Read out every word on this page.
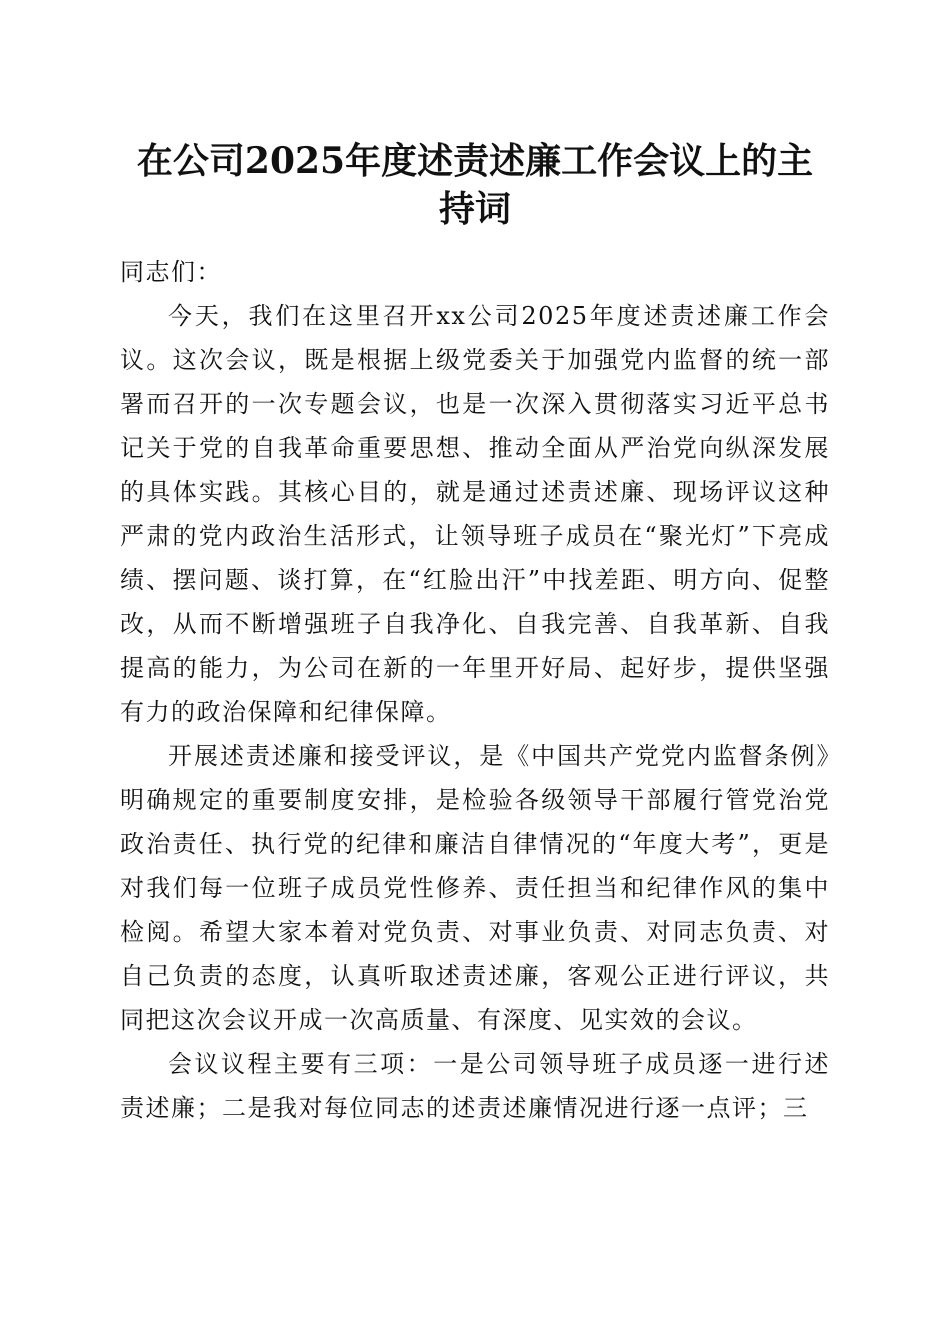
在公司2025年度述责述廉工作会议上的主持词

同志们：

今天，我们在这里召开xx公司2025年度述责述廉工作会议。这次会议，既是根据上级党委关于加强党内监督的统一部署而召开的一次专题会议，也是一次深入贯彻落实习近平总书记关于党的自我革命重要思想、推动全面从严治党向纵深发展的具体实践。其核心目的，就是通过述责述廉、现场评议这种严肃的党内政治生活形式，让领导班子成员在“聚光灯”下亮成绩、摆问题、谈打算，在“红脸出汗”中找差距、明方向、促整改，从而不断增强班子自我净化、自我完善、自我革新、自我提高的能力，为公司在新的一年里开好局、起好步，提供坚强有力的政治保障和纪律保障。

开展述责述廉和接受评议，是《中国共产党党内监督条例》明确规定的重要制度安排，是检验各级领导干部履行管党治党政治责任、执行党的纪律和廉洁自律情况的“年度大考”，更是对我们每一位班子成员党性修养、责任担当和纪律作风的集中检阅。希望大家本着对党负责、对事业负责、对同志负责、对自己负责的态度，认真听取述责述廉，客观公正进行评议，共同把这次会议开成一次高质量、有深度、见实效的会议。

会议议程主要有三项：一是公司领导班子成员逐一进行述责述廉；二是我对每位同志的述责述廉情况进行逐一点评；三
